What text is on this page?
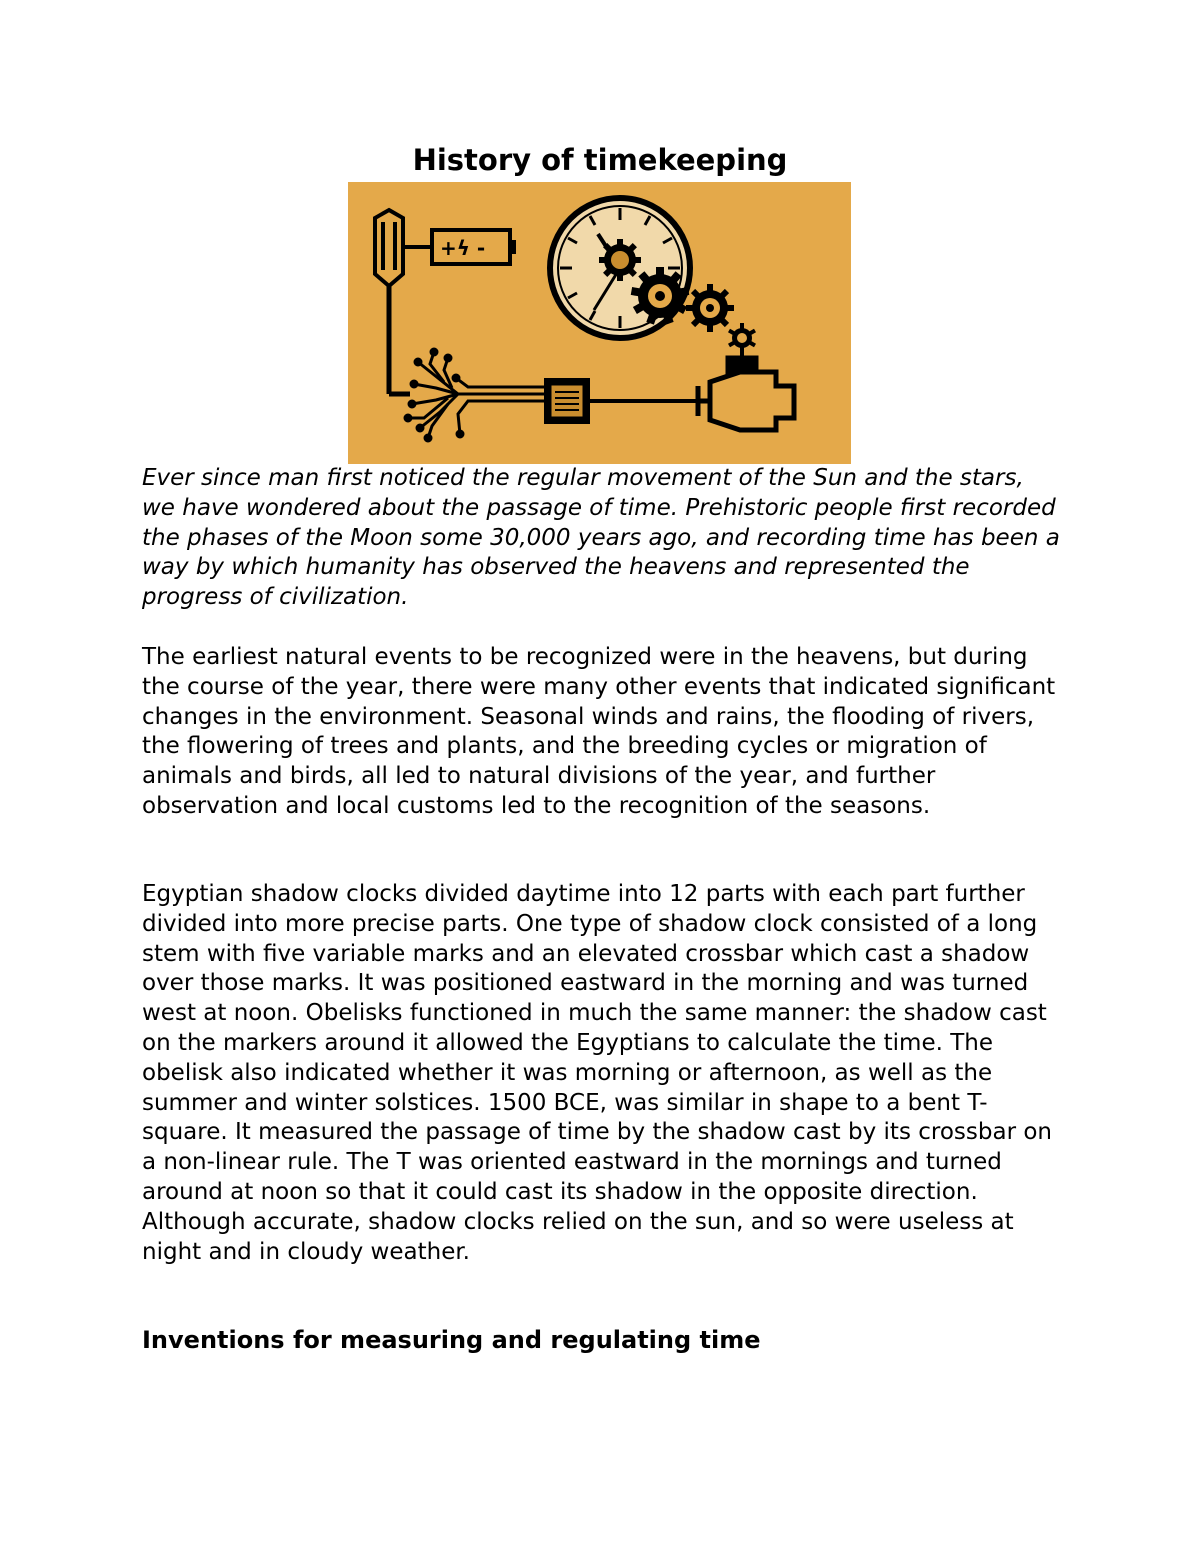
History of timekeeping
+ϟ -

Ever since man first noticed the regular movement of the Sun and the stars, we have wondered about the passage of time. Prehistoric people first recorded the phases of the Moon some 30,000 years ago, and recording time has been a way by which humanity has observed the heavens and represented the progress of civilization.

The earliest natural events to be recognized were in the heavens, but during the course of the year, there were many other events that indicated significant changes in the environment. Seasonal winds and rains, the flooding of rivers, the flowering of trees and plants, and the breeding cycles or migration of animals and birds, all led to natural divisions of the year, and further observation and local customs led to the recognition of the seasons.

Egyptian shadow clocks divided daytime into 12 parts with each part further divided into more precise parts. One type of shadow clock consisted of a long stem with five variable marks and an elevated crossbar which cast a shadow over those marks. It was positioned eastward in the morning and was turned west at noon. Obelisks functioned in much the same manner: the shadow cast on the markers around it allowed the Egyptians to calculate the time. The obelisk also indicated whether it was morning or afternoon, as well as the summer and winter solstices. 1500 BCE, was similar in shape to a bent T-square. It measured the passage of time by the shadow cast by its crossbar on a non-linear rule. The T was oriented eastward in the mornings and turned around at noon so that it could cast its shadow in the opposite direction. Although accurate, shadow clocks relied on the sun, and so were useless at night and in cloudy weather.

Inventions for measuring and regulating time
